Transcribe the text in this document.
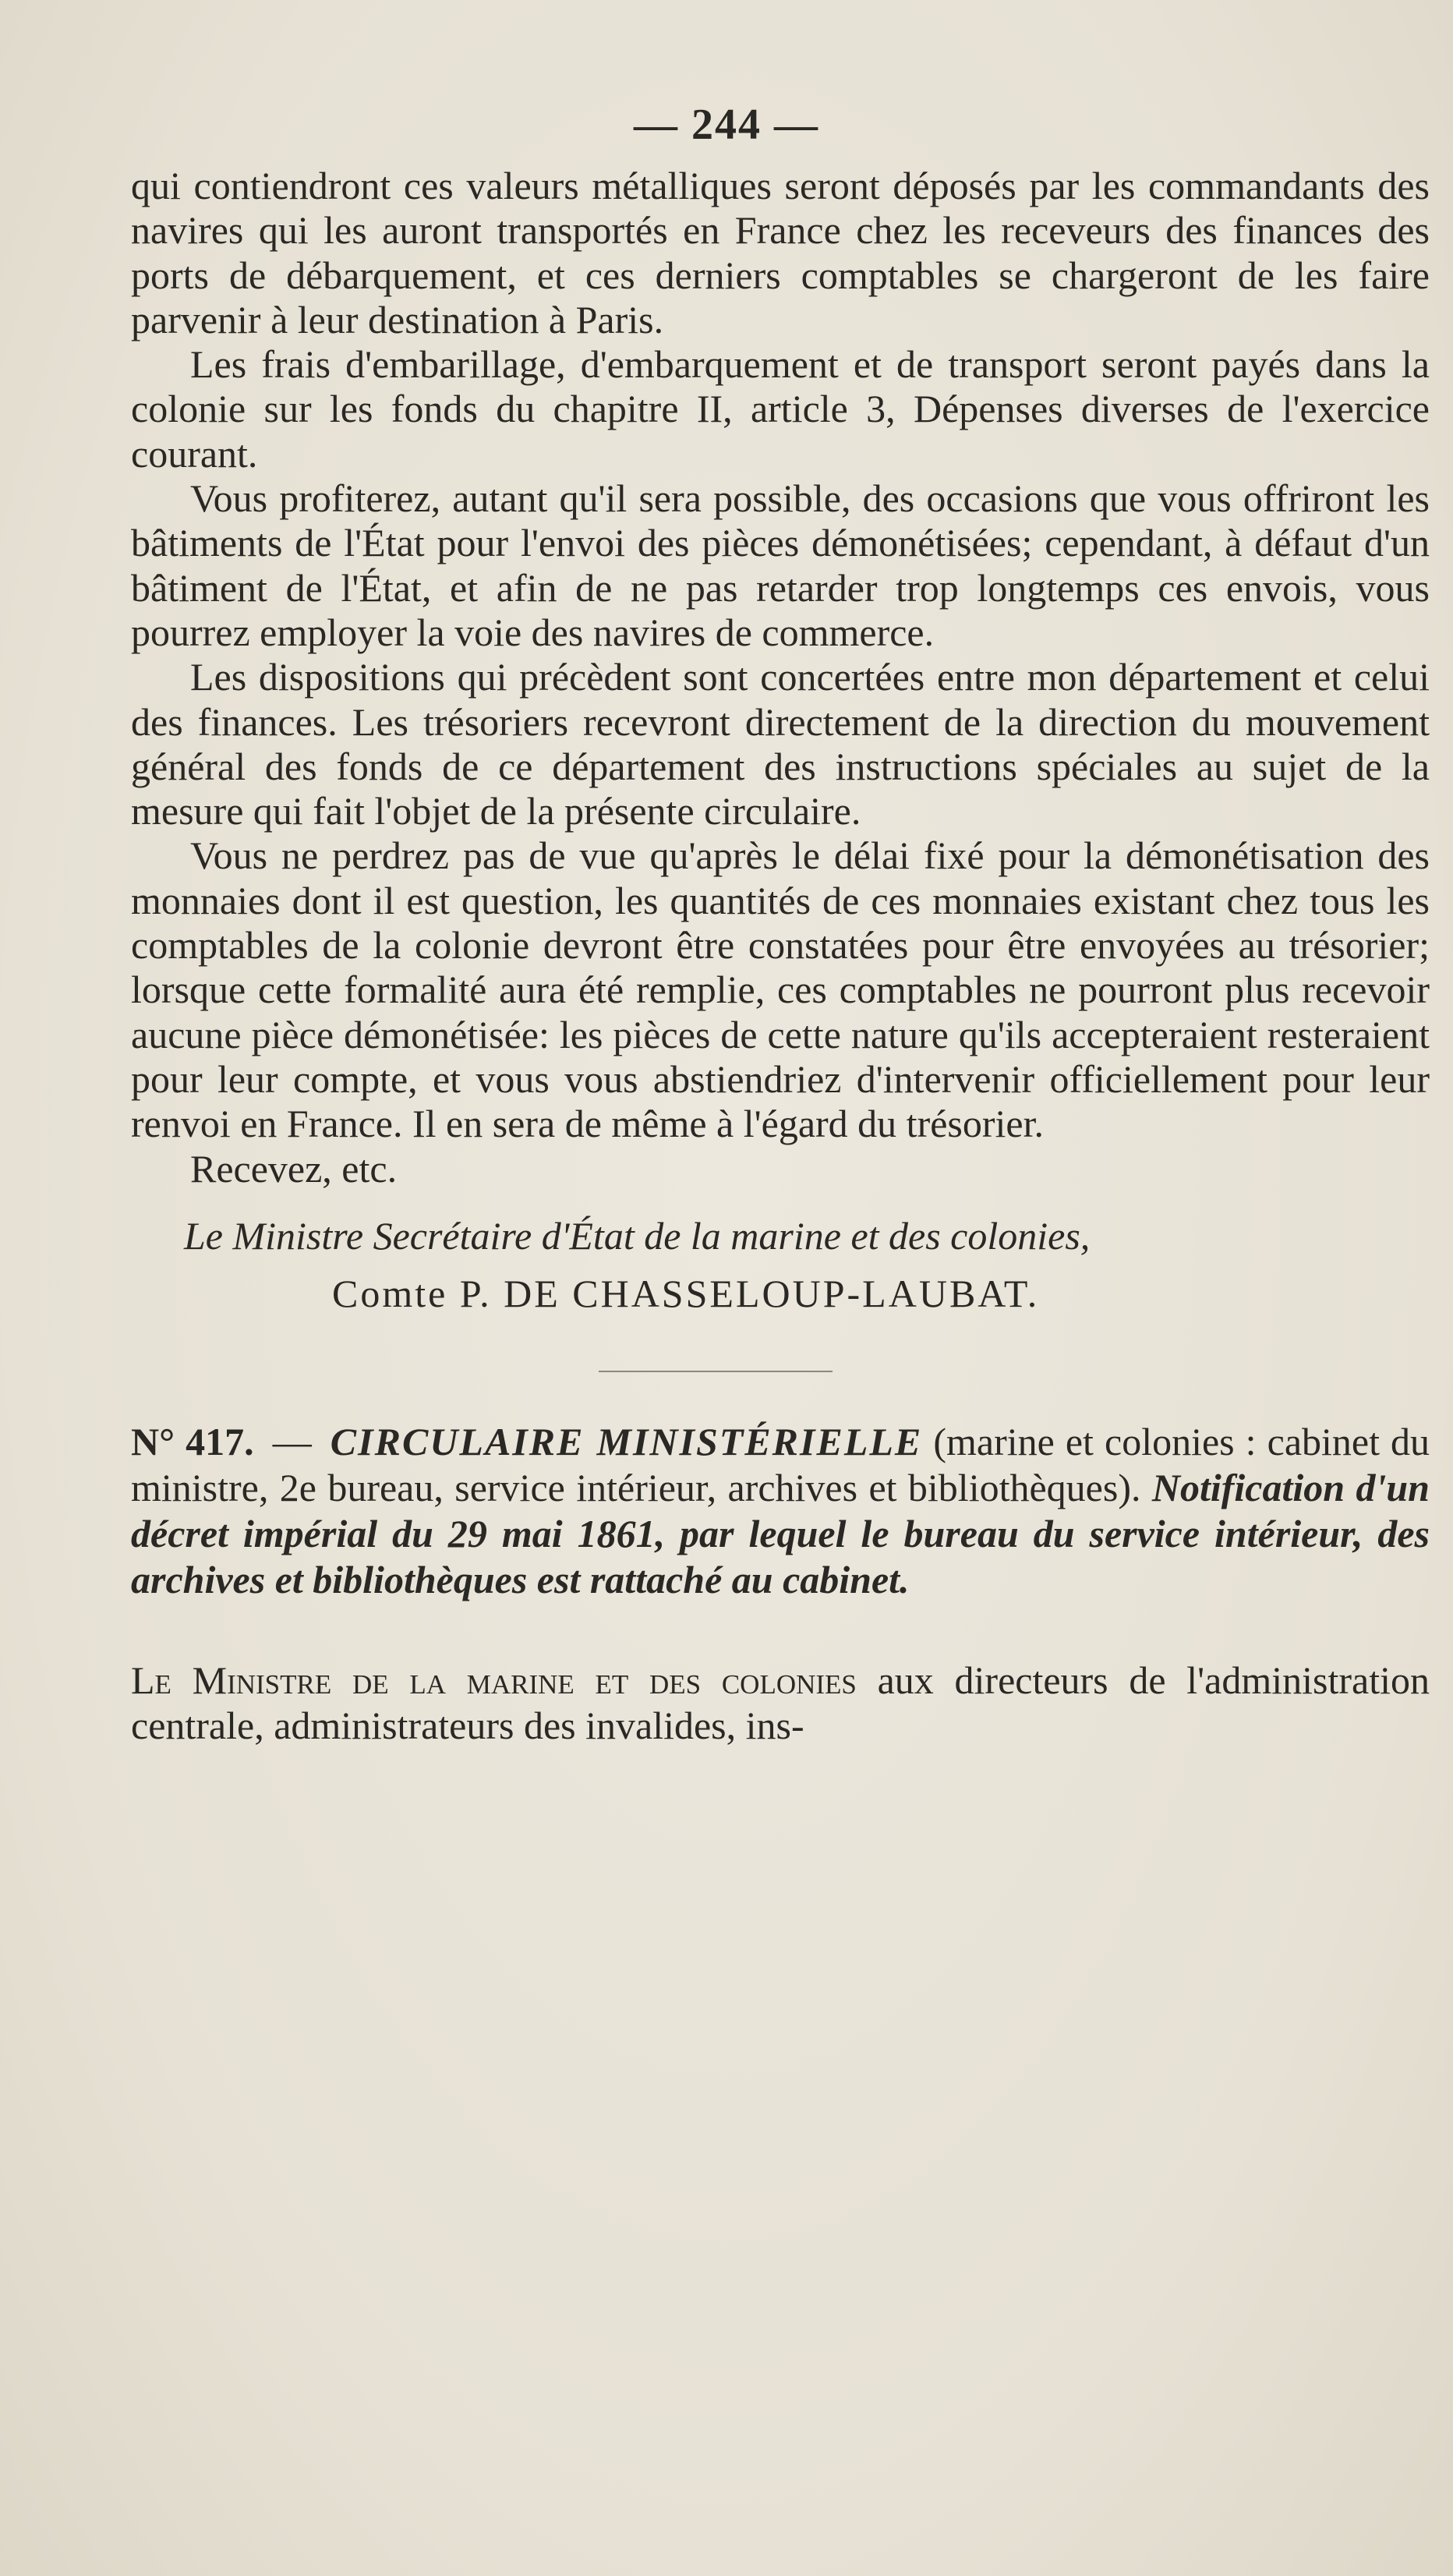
— 244 —

qui contiendront ces valeurs métalliques seront déposés par les commandants des navires qui les auront transportés en France chez les receveurs des finances des ports de débarquement, et ces derniers comptables se chargeront de les faire parvenir à leur destination à Paris.

Les frais d'embarillage, d'embarquement et de transport seront payés dans la colonie sur les fonds du chapitre II, article 3, Dépenses diverses de l'exercice courant.

Vous profiterez, autant qu'il sera possible, des occasions que vous offriront les bâtiments de l'État pour l'envoi des pièces démonétisées; cependant, à défaut d'un bâtiment de l'État, et afin de ne pas retarder trop longtemps ces envois, vous pourrez employer la voie des navires de commerce.

Les dispositions qui précèdent sont concertées entre mon département et celui des finances. Les trésoriers recevront directement de la direction du mouvement général des fonds de ce département des instructions spéciales au sujet de la mesure qui fait l'objet de la présente circulaire.

Vous ne perdrez pas de vue qu'après le délai fixé pour la démonétisation des monnaies dont il est question, les quantités de ces monnaies existant chez tous les comptables de la colonie devront être constatées pour être envoyées au trésorier; lorsque cette formalité aura été remplie, ces comptables ne pourront plus recevoir aucune pièce démonétisée: les pièces de cette nature qu'ils accepteraient resteraient pour leur compte, et vous vous abstiendriez d'intervenir officiellement pour leur renvoi en France. Il en sera de même à l'égard du trésorier.

Recevez, etc.

Le Ministre Secrétaire d'État de la marine et des colonies,

Comte P. DE CHASSELOUP-LAUBAT.

N° 417. — CIRCULAIRE MINISTÉRIELLE (marine et colonies : cabinet du ministre, 2e bureau, service intérieur, archives et bibliothèques). Notification d'un décret impérial du 29 mai 1861, par lequel le bureau du service intérieur, des archives et bibliothèques est rattaché au cabinet.

Le Ministre de la marine et des colonies aux directeurs de l'administration centrale, administrateurs des invalides, ins-
